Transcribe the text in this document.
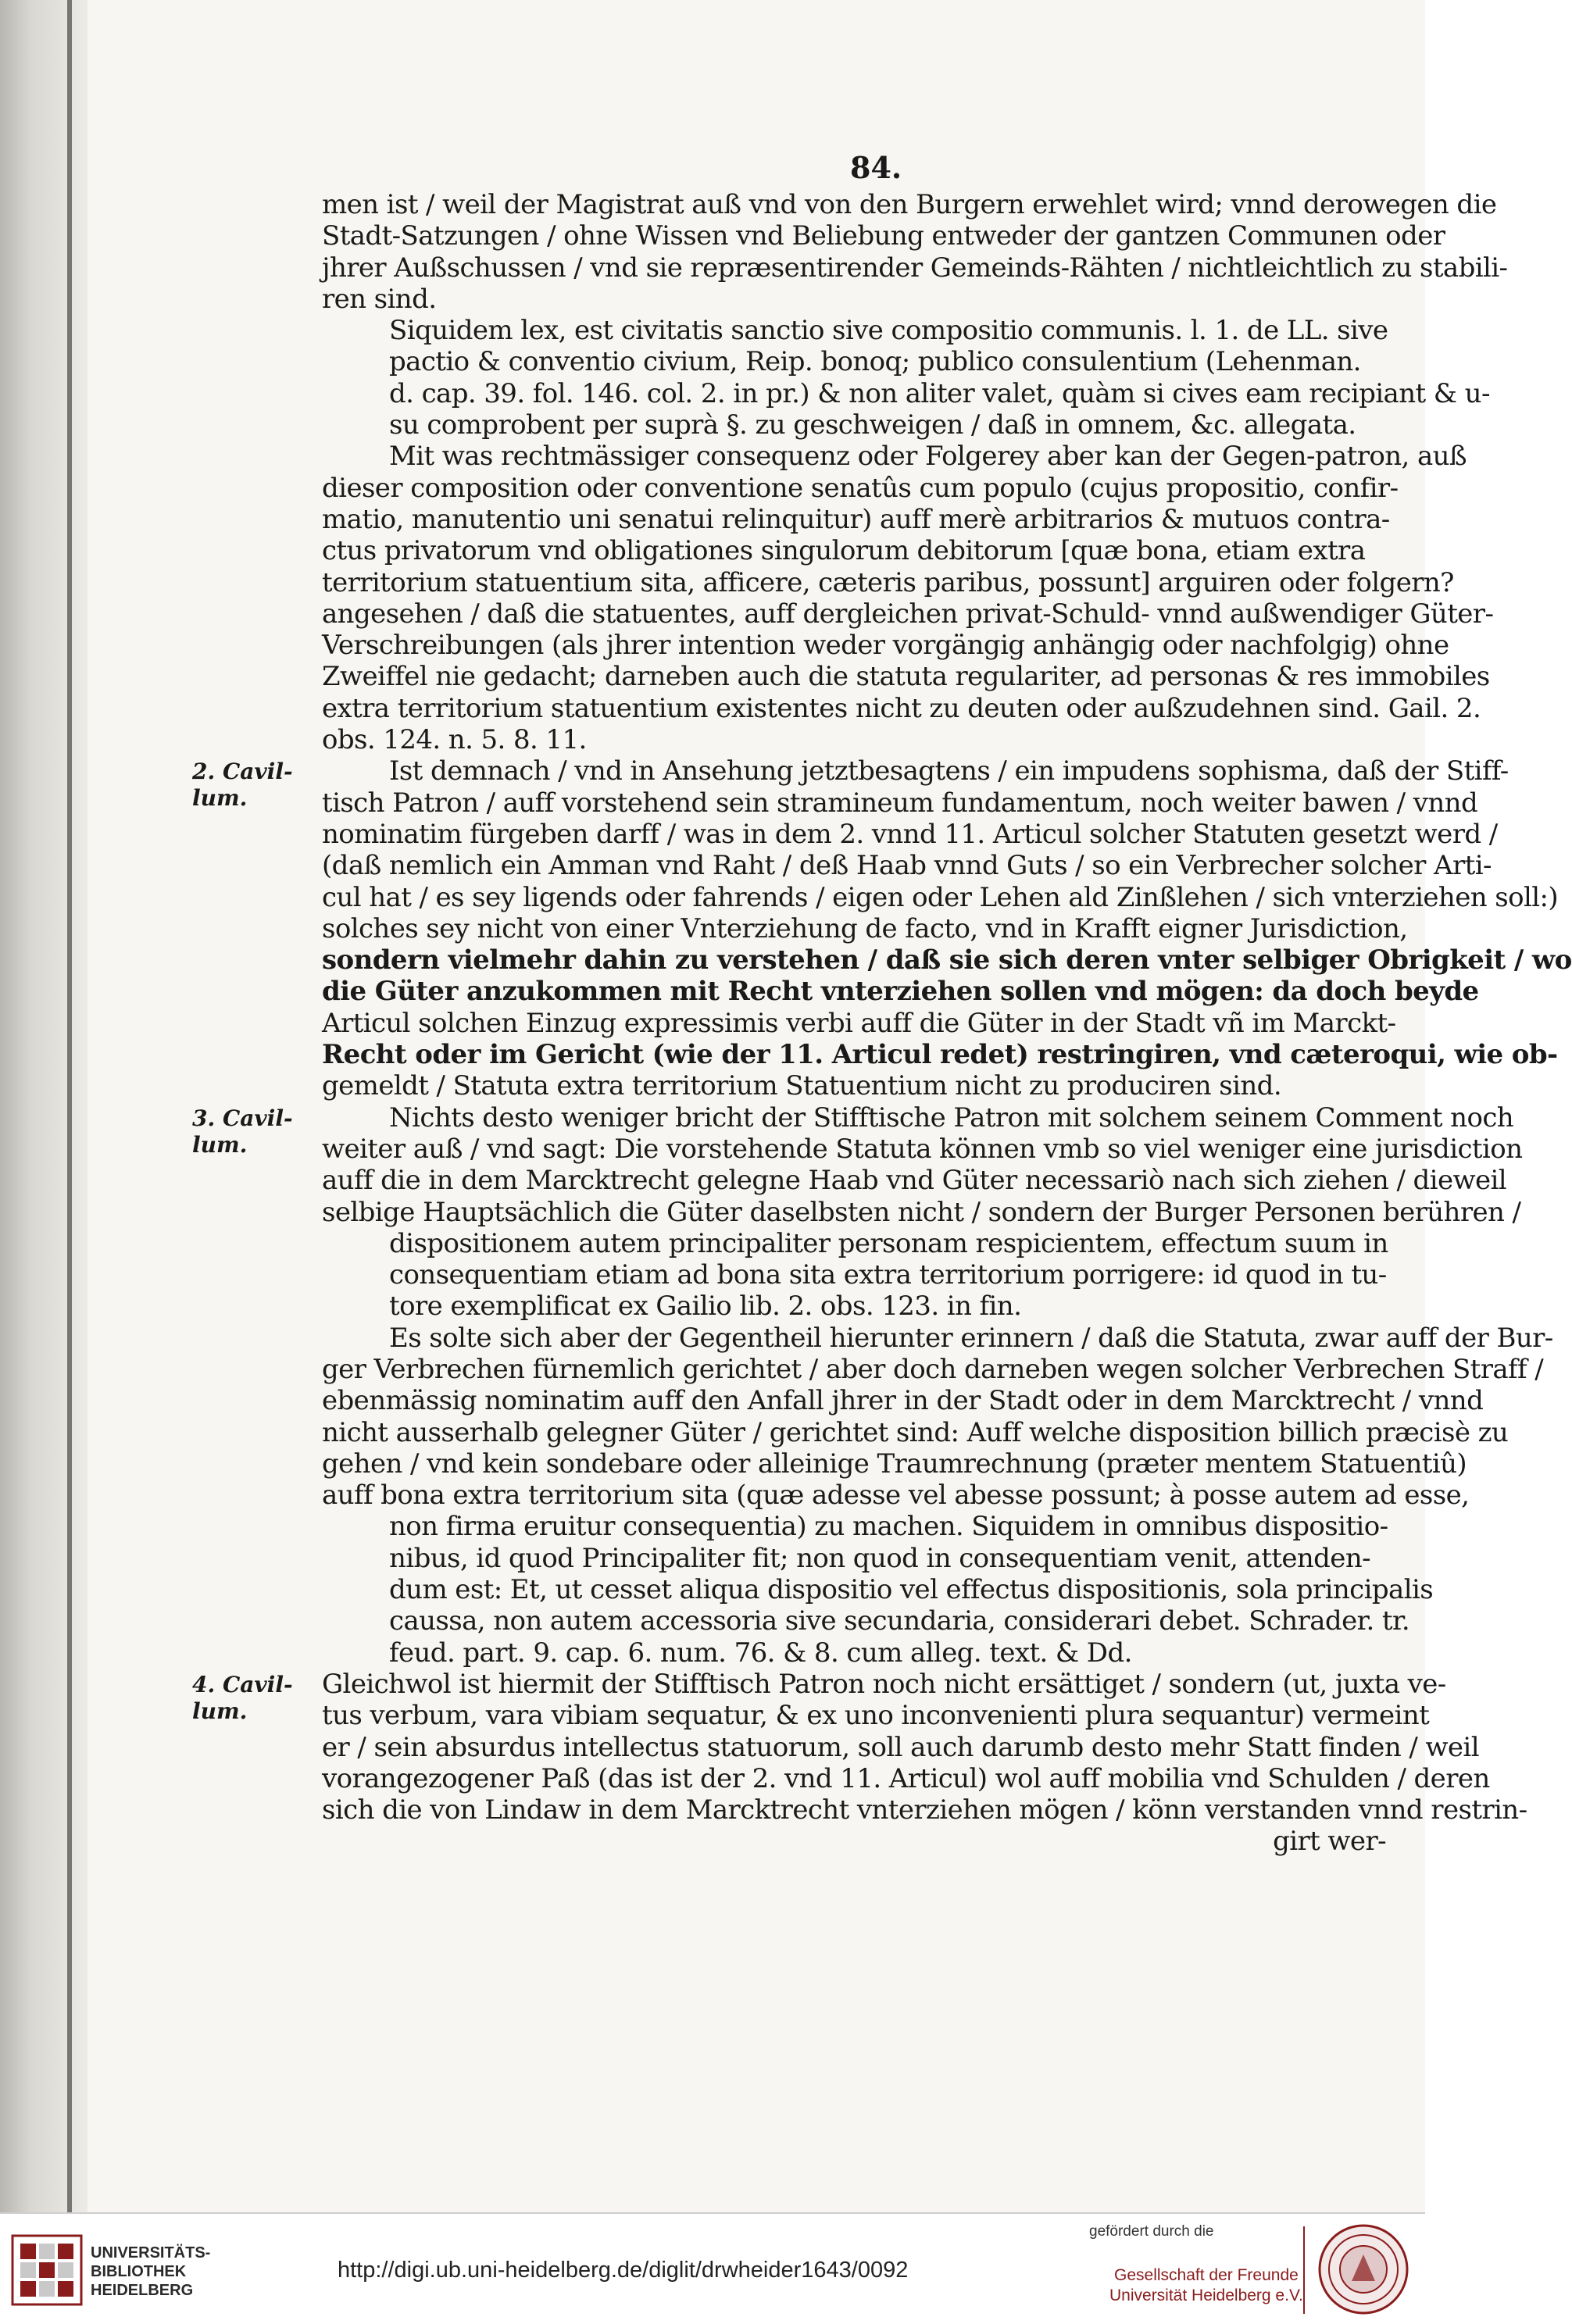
84.
men ist / weil der Magistrat auß vnd von den Burgern erwehlet wird; vnnd derowegen die
Stadt-Satzungen / ohne Wissen vnd Beliebung entweder der gantzen Communen oder
jhrer Außschussen / vnd sie repræsentirender Gemeinds-Rähten / nichtleichtlich zu stabili-
ren sind.
Siquidem lex, est civitatis sanctio sive compositio communis. l. 1. de LL. sive
pactio & conventio civium, Reip. bonoq; publico consulentium (Lehenman.
d. cap. 39. fol. 146. col. 2. in pr.) & non aliter valet, quàm si cives eam recipiant & u-
su comprobent per suprà §. zu geschweigen / daß in omnem, &c. allegata.
Mit was rechtmässiger consequenz oder Folgerey aber kan der Gegen-patron, auß
dieser composition oder conventione senatûs cum populo (cujus propositio, confir-
matio, manutentio uni senatui relinquitur) auff merè arbitrarios & mutuos contra-
ctus privatorum vnd obligationes singulorum debitorum [quæ bona, etiam extra
territorium statuentium sita, afficere, cæteris paribus, possunt] arguiren oder folgern?
angesehen / daß die statuentes, auff dergleichen privat-Schuld- vnnd außwendiger Güter-
Verschreibungen (als jhrer intention weder vorgängig anhängig oder nachfolgig) ohne
Zweiffel nie gedacht; darneben auch die statuta regulariter, ad personas & res immobiles
extra territorium statuentium existentes nicht zu deuten oder außzudehnen sind. Gail. 2.
obs. 124. n. 5. 8. 11.
Ist demnach / vnd in Ansehung jetztbesagtens / ein impudens sophisma, daß der Stiff-
tisch Patron / auff vorstehend sein stramineum fundamentum, noch weiter bawen / vnnd
nominatim fürgeben darff / was in dem 2. vnnd 11. Articul solcher Statuten gesetzt werd /
(daß nemlich ein Amman vnd Raht / deß Haab vnnd Guts / so ein Verbrecher solcher Arti-
cul hat / es sey ligends oder fahrends / eigen oder Lehen ald Zinßlehen / sich vnterziehen soll:)
solches sey nicht von einer Vnterziehung de facto, vnd in Krafft eigner Jurisdiction,
sondern vielmehr dahin zu verstehen / daß sie sich deren vnter selbiger Obrigkeit / wo
die Güter anzukommen mit Recht vnterziehen sollen vnd mögen: da doch beyde
Articul solchen Einzug expressimis verbi auff die Güter in der Stadt vñ im Marckt-
Recht oder im Gericht (wie der 11. Articul redet) restringiren, vnd cæteroqui, wie ob-
gemeldt / Statuta extra territorium Statuentium nicht zu produciren sind.
Nichts desto weniger bricht der Stifftische Patron mit solchem seinem Comment noch
weiter auß / vnd sagt: Die vorstehende Statuta können vmb so viel weniger eine jurisdiction
auff die in dem Marcktrecht gelegne Haab vnd Güter necessariò nach sich ziehen / dieweil
selbige Hauptsächlich die Güter daselbsten nicht / sondern der Burger Personen berühren /
dispositionem autem principaliter personam respicientem, effectum suum in
consequentiam etiam ad bona sita extra territorium porrigere: id quod in tu-
tore exemplificat ex Gailio lib. 2. obs. 123. in fin.
Es solte sich aber der Gegentheil hierunter erinnern / daß die Statuta, zwar auff der Bur-
ger Verbrechen fürnemlich gerichtet / aber doch darneben wegen solcher Verbrechen Straff /
ebenmässig nominatim auff den Anfall jhrer in der Stadt oder in dem Marcktrecht / vnnd
nicht ausserhalb gelegner Güter / gerichtet sind: Auff welche disposition billich præcisè zu
gehen / vnd kein sondebare oder alleinige Traumrechnung (præter mentem Statuentiû)
auff bona extra territorium sita (quæ adesse vel abesse possunt; à posse autem ad esse,
non firma eruitur consequentia) zu machen. Siquidem in omnibus dispositio-
nibus, id quod Principaliter fit; non quod in consequentiam venit, attenden-
dum est: Et, ut cesset aliqua dispositio vel effectus dispositionis, sola principalis
caussa, non autem accessoria sive secundaria, considerari debet. Schrader. tr.
feud. part. 9. cap. 6. num. 76. & 8. cum alleg. text. & Dd.
Gleichwol ist hiermit der Stifftisch Patron noch nicht ersättiget / sondern (ut, juxta ve-
tus verbum, vara vibiam sequatur, & ex uno inconvenienti plura sequantur) vermeint
er / sein absurdus intellectus statuorum, soll auch darumb desto mehr Statt finden / weil
vorangezogener Paß (das ist der 2. vnd 11. Articul) wol auff mobilia vnd Schulden / deren
sich die von Lindaw in dem Marcktrecht vnterziehen mögen / könn verstanden vnnd restrin-
girt wer-
2. Cavil-lum.
3. Cavil-lum.
4. Cavil-lum.
UNIVERSITÄTS-
BIBLIOTHEK
HEIDELBERG
http://digi.ub.uni-heidelberg.de/diglit/drwheider1643/0092
gefördert durch die
Gesellschaft der Freunde
Universität Heidelberg e.V.
